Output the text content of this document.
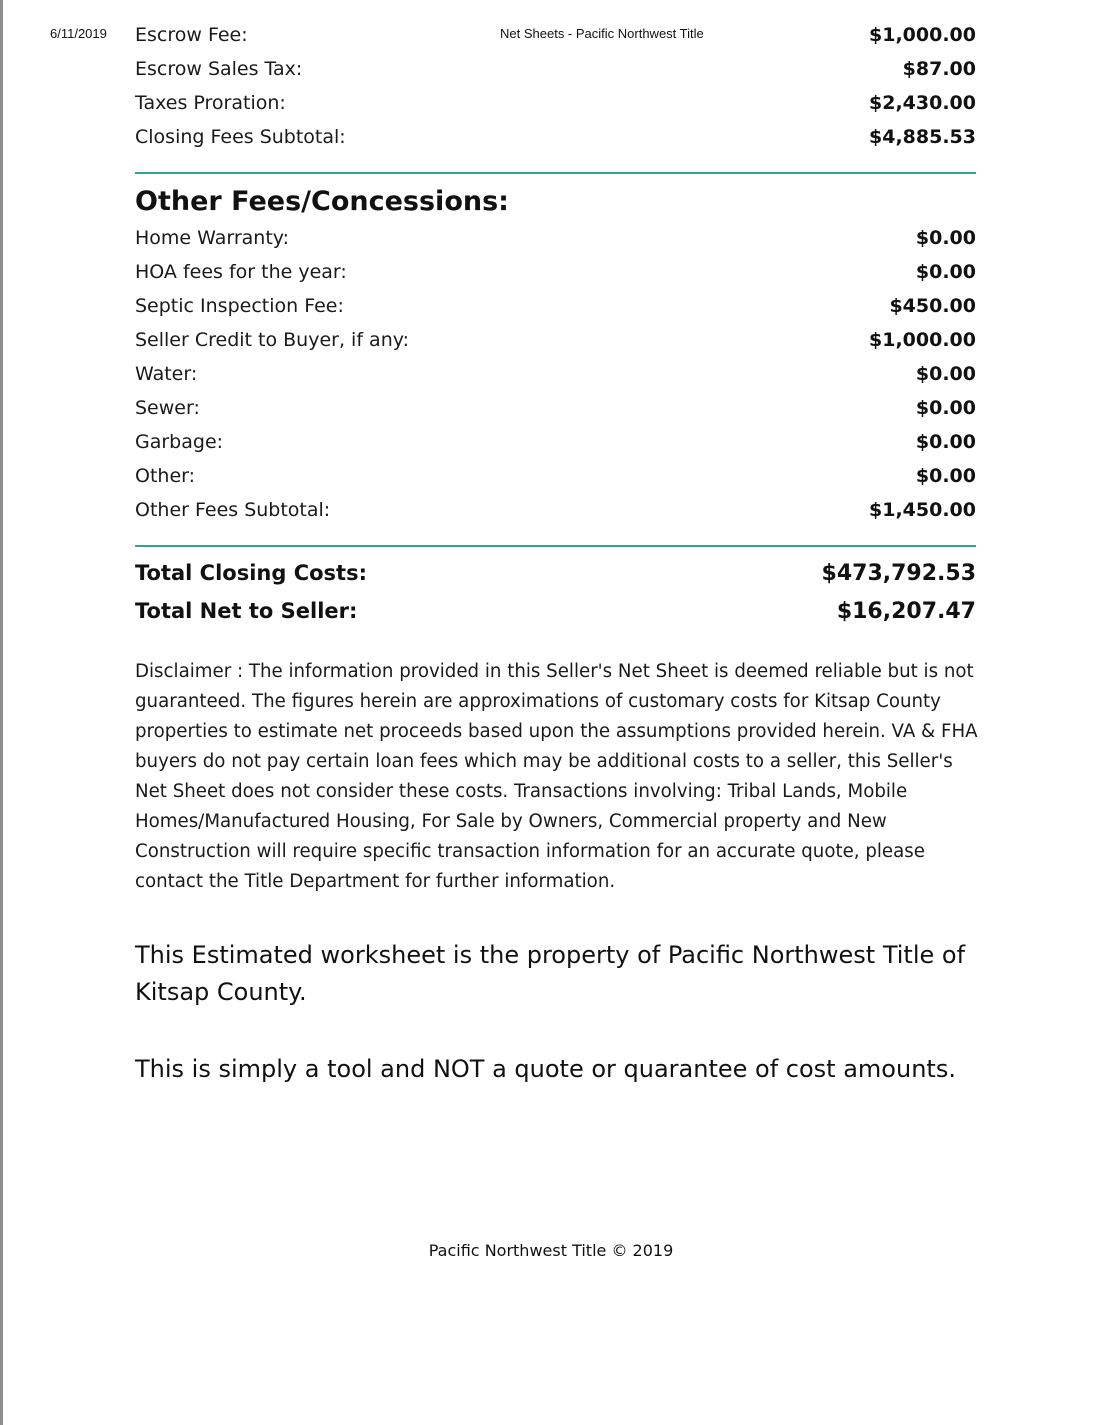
6/11/2019	Net Sheets - Pacific Northwest Title
Escrow Fee:	$1,000.00
Escrow Sales Tax:	$87.00
Taxes Proration:	$2,430.00
Closing Fees Subtotal:	$4,885.53
Other Fees/Concessions:
Home Warranty:	$0.00
HOA fees for the year:	$0.00
Septic Inspection Fee:	$450.00
Seller Credit to Buyer, if any:	$1,000.00
Water:	$0.00
Sewer:	$0.00
Garbage:	$0.00
Other:	$0.00
Other Fees Subtotal:	$1,450.00
Total Closing Costs:	$473,792.53
Total Net to Seller:	$16,207.47
Disclaimer : The information provided in this Seller's Net Sheet is deemed reliable but is not guaranteed. The figures herein are approximations of customary costs for Kitsap County properties to estimate net proceeds based upon the assumptions provided herein. VA & FHA buyers do not pay certain loan fees which may be additional costs to a seller, this Seller's Net Sheet does not consider these costs. Transactions involving: Tribal Lands, Mobile Homes/Manufactured Housing, For Sale by Owners, Commercial property and New Construction will require specific transaction information for an accurate quote, please contact the Title Department for further information.
This Estimated worksheet is the property of Pacific Northwest Title of Kitsap County.
This is simply a tool and NOT a quote or quarantee of cost amounts.
Pacific Northwest Title © 2019
